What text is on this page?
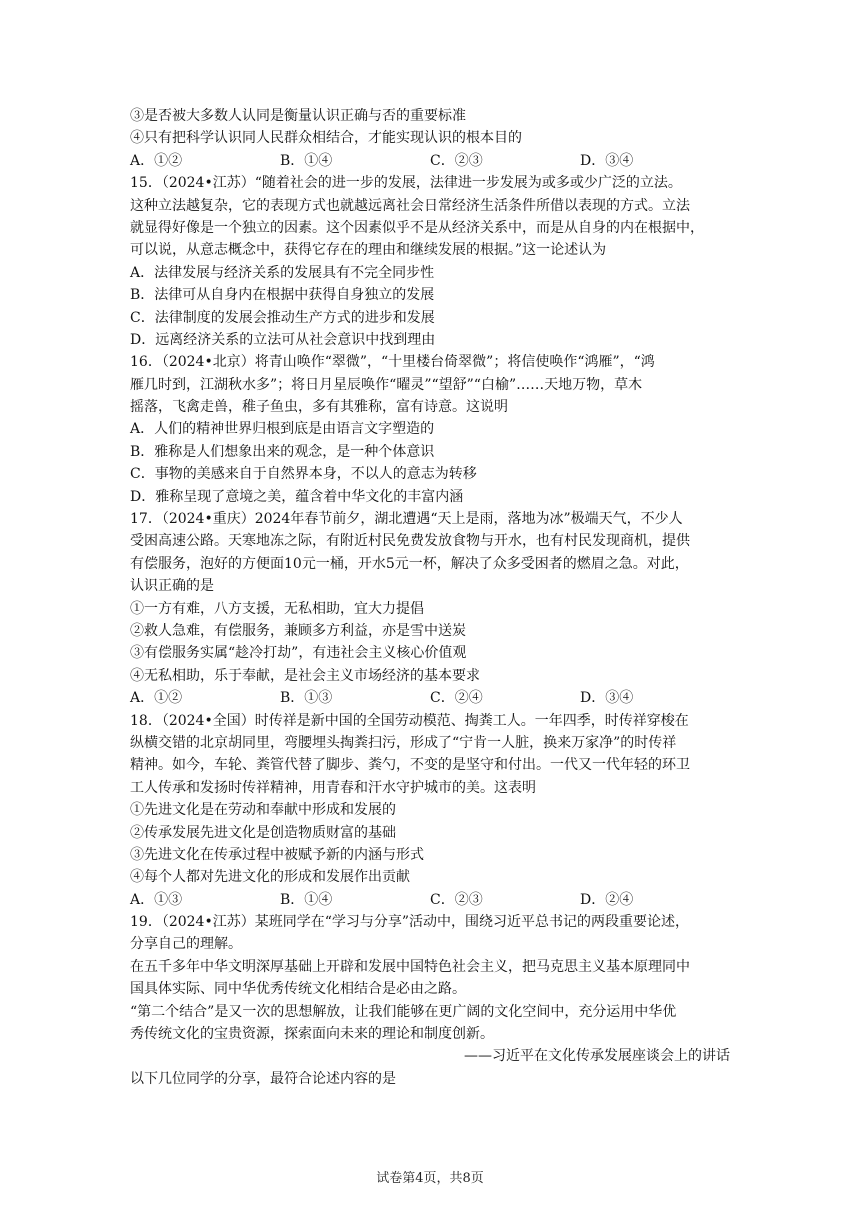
③是否被大多数人认同是衡量认识正确与否的重要标准
④只有把科学认识同人民群众相结合，才能实现认识的根本目的
A．①②	B．①④	C．②③	D．③④
15．（2024•江苏）“随着社会的进一步的发展，法律进一步发展为或多或少广泛的立法。
这种立法越复杂，它的表现方式也就越远离社会日常经济生活条件所借以表现的方式。立法
就显得好像是一个独立的因素。这个因素似乎不是从经济关系中，而是从自身的内在根据中，
可以说，从意志概念中，获得它存在的理由和继续发展的根据。”这一论述认为
A．法律发展与经济关系的发展具有不完全同步性
B．法律可从自身内在根据中获得自身独立的发展
C．法律制度的发展会推动生产方式的进步和发展
D．远离经济关系的立法可从社会意识中找到理由
16．（2024•北京）将青山唤作“翠微”，“十里楼台倚翠微”；将信使唤作“鸿雁”，“鸿
雁几时到，江湖秋水多”；将日月星辰唤作“曜灵”“望舒”“白榆”……天地万物，草木
摇落，飞禽走兽，稚子鱼虫，多有其雅称，富有诗意。这说明
A．人们的精神世界归根到底是由语言文字塑造的
B．雅称是人们想象出来的观念，是一种个体意识
C．事物的美感来自于自然界本身，不以人的意志为转移
D．雅称呈现了意境之美，蕴含着中华文化的丰富内涵
17．（2024•重庆）2024年春节前夕，湖北遭遇“天上是雨，落地为冰”极端天气，不少人
受困高速公路。天寒地冻之际，有附近村民免费发放食物与开水，也有村民发现商机，提供
有偿服务，泡好的方便面10元一桶，开水5元一杯，解决了众多受困者的燃眉之急。对此，
认识正确的是
①一方有难，八方支援，无私相助，宜大力提倡
②救人急难，有偿服务，兼顾多方利益，亦是雪中送炭
③有偿服务实属“趁冷打劫”，有违社会主义核心价值观
④无私相助，乐于奉献，是社会主义市场经济的基本要求
A．①②	B．①③	C．②④	D．③④
18．（2024•全国）时传祥是新中国的全国劳动模范、掏粪工人。一年四季，时传祥穿梭在
纵横交错的北京胡同里，弯腰埋头掏粪扫污，形成了“宁肯一人脏，换来万家净”的时传祥
精神。如今，车轮、粪管代替了脚步、粪勺，不变的是坚守和付出。一代又一代年轻的环卫
工人传承和发扬时传祥精神，用青春和汗水守护城市的美。这表明
①先进文化是在劳动和奉献中形成和发展的
②传承发展先进文化是创造物质财富的基础
③先进文化在传承过程中被赋予新的内涵与形式
④每个人都对先进文化的形成和发展作出贡献
A．①③	B．①④	C．②③	D．②④
19．（2024•江苏）某班同学在“学习与分享”活动中，围绕习近平总书记的两段重要论述，
分享自己的理解。
在五千多年中华文明深厚基础上开辟和发展中国特色社会主义，把马克思主义基本原理同中
国具体实际、同中华优秀传统文化相结合是必由之路。
“第二个结合”是又一次的思想解放，让我们能够在更广阔的文化空间中，充分运用中华优
秀传统文化的宝贵资源，探索面向未来的理论和制度创新。
——习近平在文化传承发展座谈会上的讲话
以下几位同学的分享，最符合论述内容的是
试卷第4页，共8页
